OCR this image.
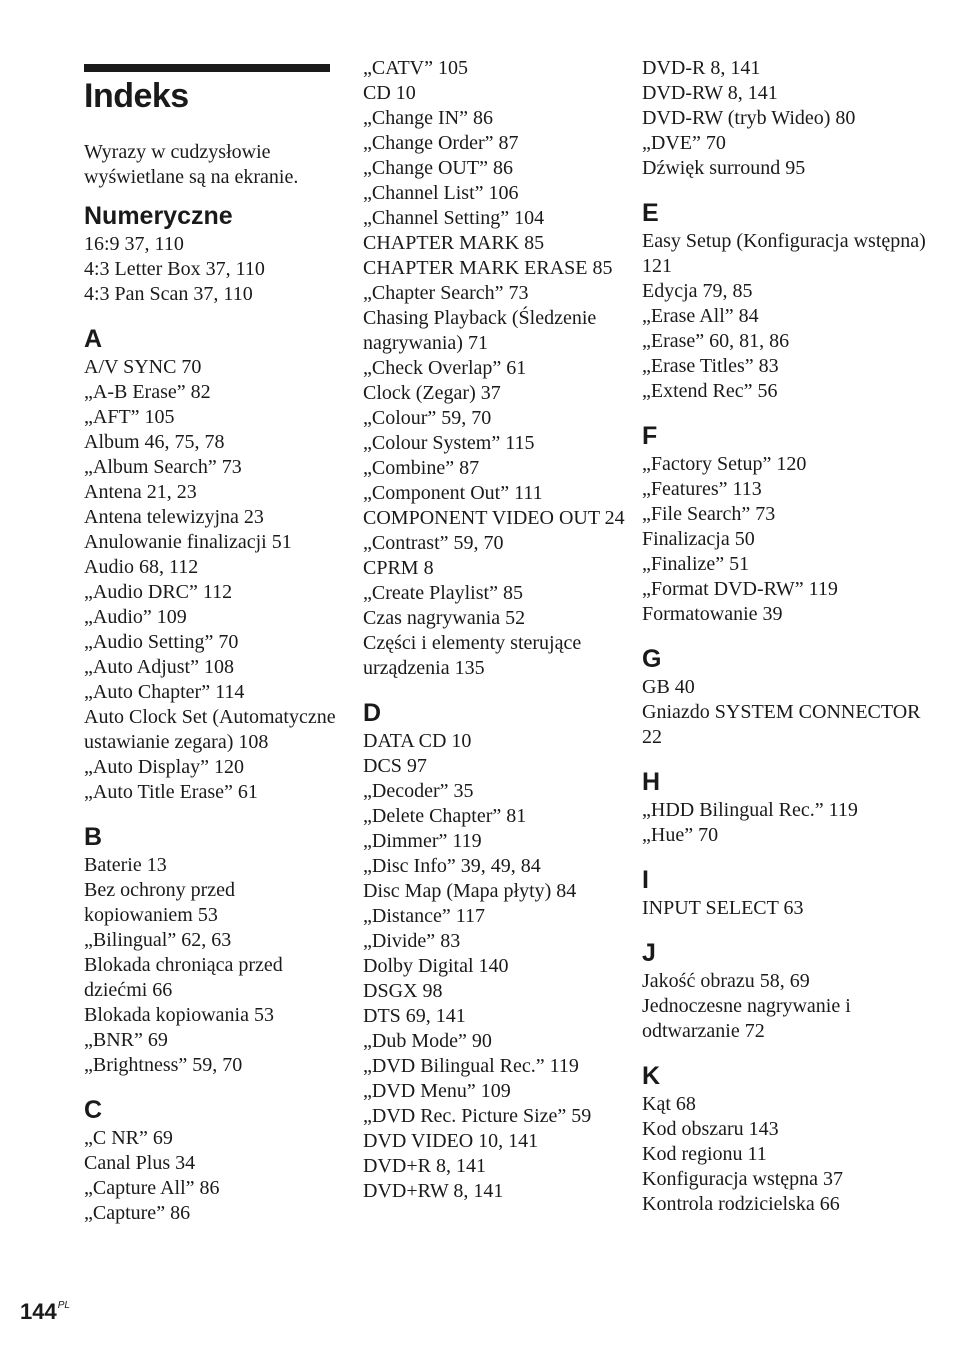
Indeks

Wyrazy w cudzysłowie wyświetlane są na ekranie.

Numeryczne
16:9 37, 110
4:3 Letter Box 37, 110
4:3 Pan Scan 37, 110
A
A/V SYNC 70
„A-B Erase” 82
„AFT” 105
Album 46, 75, 78
„Album Search” 73
Antena 21, 23
Antena telewizyjna 23
Anulowanie finalizacji 51
Audio 68, 112
„Audio DRC” 112
„Audio” 109
„Audio Setting” 70
„Auto Adjust” 108
„Auto Chapter” 114
Auto Clock Set (Automatyczne ustawianie zegara) 108
„Auto Display” 120
„Auto Title Erase” 61
B
Baterie 13
Bez ochrony przed kopiowaniem 53
„Bilingual” 62, 63
Blokada chroniąca przed dziećmi 66
Blokada kopiowania 53
„BNR” 69
„Brightness” 59, 70
C
„C NR” 69
Canal Plus 34
„Capture All” 86
„Capture” 86
„CATV” 105
CD 10
„Change IN” 86
„Change Order” 87
„Change OUT” 86
„Channel List” 106
„Channel Setting” 104
CHAPTER MARK 85
CHAPTER MARK ERASE 85
„Chapter Search” 73
Chasing Playback (Śledzenie nagrywania) 71
„Check Overlap” 61
Clock (Zegar) 37
„Colour” 59, 70
„Colour System” 115
„Combine” 87
„Component Out” 111
COMPONENT VIDEO OUT 24
„Contrast” 59, 70
CPRM 8
„Create Playlist” 85
Czas nagrywania 52
Części i elementy sterujące urządzenia 135
D
DATA CD 10
DCS 97
„Decoder” 35
„Delete Chapter” 81
„Dimmer” 119
„Disc Info” 39, 49, 84
Disc Map (Mapa płyty) 84
„Distance” 117
„Divide” 83
Dolby Digital 140
DSGX 98
DTS 69, 141
„Dub Mode” 90
„DVD Bilingual Rec.” 119
„DVD Menu” 109
„DVD Rec. Picture Size” 59
DVD VIDEO 10, 141
DVD+R 8, 141
DVD+RW 8, 141
DVD-R 8, 141
DVD-RW 8, 141
DVD-RW (tryb Wideo) 80
„DVE” 70
Dźwięk surround 95
E
Easy Setup (Konfiguracja wstępna) 121
Edycja 79, 85
„Erase All” 84
„Erase” 60, 81, 86
„Erase Titles” 83
„Extend Rec” 56
F
„Factory Setup” 120
„Features” 113
„File Search” 73
Finalizacja 50
„Finalize” 51
„Format DVD-RW” 119
Formatowanie 39
G
GB 40
Gniazdo SYSTEM CONNECTOR 22
H
„HDD Bilingual Rec.” 119
„Hue” 70
I
INPUT SELECT 63
J
Jakość obrazu 58, 69
Jednoczesne nagrywanie i odtwarzanie 72
K
Kąt 68
Kod obszaru 143
Kod regionu 11
Konfiguracja wstępna 37
Kontrola rodzicielska 66
$144^{PL}$
